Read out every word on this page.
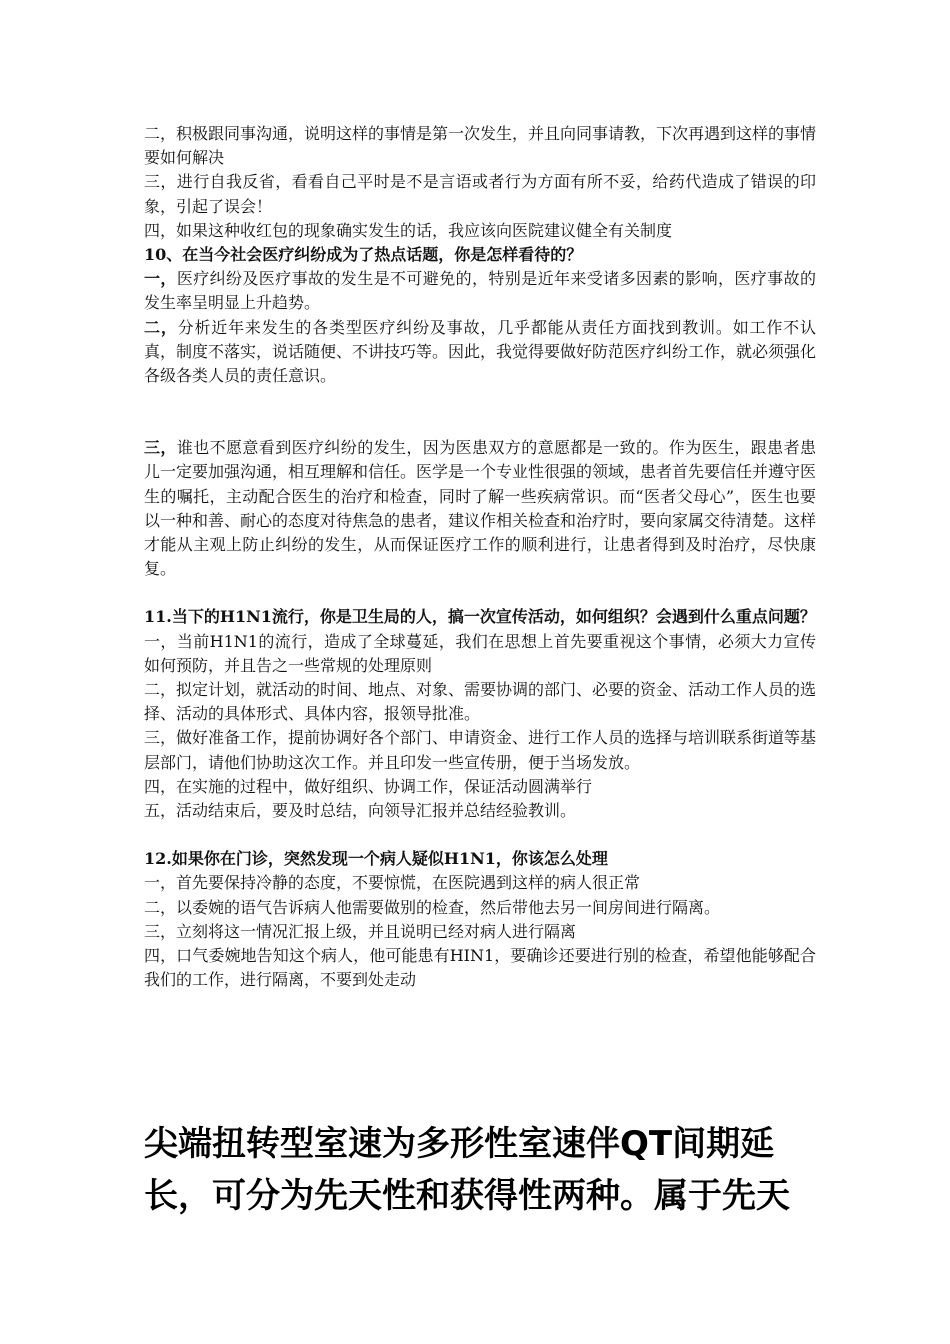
二，积极跟同事沟通，说明这样的事情是第一次发生，并且向同事请教，下次再遇到这样的事情要如何解决

三，进行自我反省，看看自己平时是不是言语或者行为方面有所不妥，给药代造成了错误的印象，引起了误会！

四，如果这种收红包的现象确实发生的话，我应该向医院建议健全有关制度

10、在当今社会医疗纠纷成为了热点话题，你是怎样看待的？

一，医疗纠纷及医疗事故的发生是不可避免的，特别是近年来受诸多因素的影响，医疗事故的发生率呈明显上升趋势。

二，分析近年来发生的各类型医疗纠纷及事故，几乎都能从责任方面找到教训。如工作不认真，制度不落实，说话随便、不讲技巧等。因此，我觉得要做好防范医疗纠纷工作，就必须强化各级各类人员的责任意识。

三，谁也不愿意看到医疗纠纷的发生，因为医患双方的意愿都是一致的。作为医生，跟患者患儿一定要加强沟通，相互理解和信任。医学是一个专业性很强的领域，患者首先要信任并遵守医生的嘱托，主动配合医生的治疗和检查，同时了解一些疾病常识。而“医者父母心”，医生也要以一种和善、耐心的态度对待焦急的患者，建议作相关检查和治疗时，要向家属交待清楚。这样才能从主观上防止纠纷的发生，从而保证医疗工作的顺利进行，让患者得到及时治疗，尽快康复。

11.当下的H1N1流行，你是卫生局的人，搞一次宣传活动，如何组织？会遇到什么重点问题？

一，当前H1N1的流行，造成了全球蔓延，我们在思想上首先要重视这个事情，必须大力宣传如何预防，并且告之一些常规的处理原则

二，拟定计划，就活动的时间、地点、对象、需要协调的部门、必要的资金、活动工作人员的选择、活动的具体形式、具体内容，报领导批准。

三，做好准备工作，提前协调好各个部门、申请资金、进行工作人员的选择与培训联系街道等基层部门，请他们协助这次工作。并且印发一些宣传册，便于当场发放。

四，在实施的过程中，做好组织、协调工作，保证活动圆满举行

五，活动结束后，要及时总结，向领导汇报并总结经验教训。

12.如果你在门诊，突然发现一个病人疑似H1N1，你该怎么处理

一，首先要保持冷静的态度，不要惊慌，在医院遇到这样的病人很正常

二，以委婉的语气告诉病人他需要做别的检查，然后带他去另一间房间进行隔离。

三，立刻将这一情况汇报上级，并且说明已经对病人进行隔离

四，口气委婉地告知这个病人，他可能患有HIN1，要确诊还要进行别的检查，希望他能够配合我们的工作，进行隔离，不要到处走动

尖端扭转型室速为多形性室速伴QT间期延长，可分为先天性和获得性两种。属于先天
